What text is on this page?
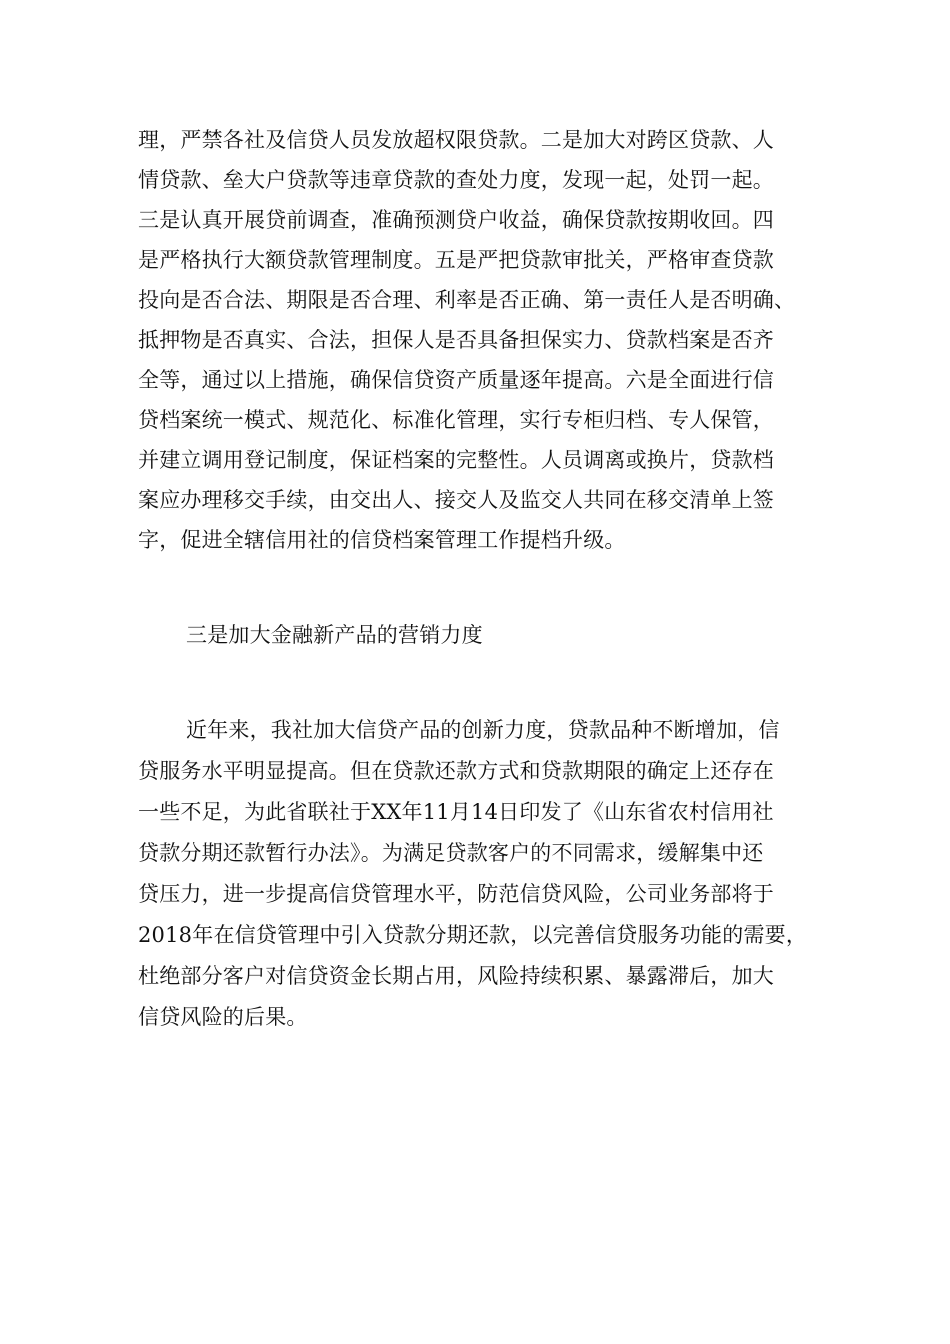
理，严禁各社及信贷人员发放超权限贷款。二是加大对跨区贷款、人
情贷款、垒大户贷款等违章贷款的查处力度，发现一起，处罚一起。
三是认真开展贷前调查，准确预测贷户收益，确保贷款按期收回。四
是严格执行大额贷款管理制度。五是严把贷款审批关，严格审查贷款
投向是否合法、期限是否合理、利率是否正确、第一责任人是否明确、
抵押物是否真实、合法，担保人是否具备担保实力、贷款档案是否齐
全等，通过以上措施，确保信贷资产质量逐年提高。六是全面进行信
贷档案统一模式、规范化、标准化管理，实行专柜归档、专人保管，
并建立调用登记制度，保证档案的完整性。人员调离或换片，贷款档
案应办理移交手续，由交出人、接交人及监交人共同在移交清单上签
字，促进全辖信用社的信贷档案管理工作提档升级。
三是加大金融新产品的营销力度
近年来，我社加大信贷产品的创新力度，贷款品种不断增加，信
贷服务水平明显提高。但在贷款还款方式和贷款期限的确定上还存在
一些不足，为此省联社于XX年11月14日印发了《山东省农村信用社
贷款分期还款暂行办法》。为满足贷款客户的不同需求，缓解集中还
贷压力，进一步提高信贷管理水平，防范信贷风险，公司业务部将于
2018年在信贷管理中引入贷款分期还款，以完善信贷服务功能的需要，
杜绝部分客户对信贷资金长期占用，风险持续积累、暴露滞后，加大
信贷风险的后果。
